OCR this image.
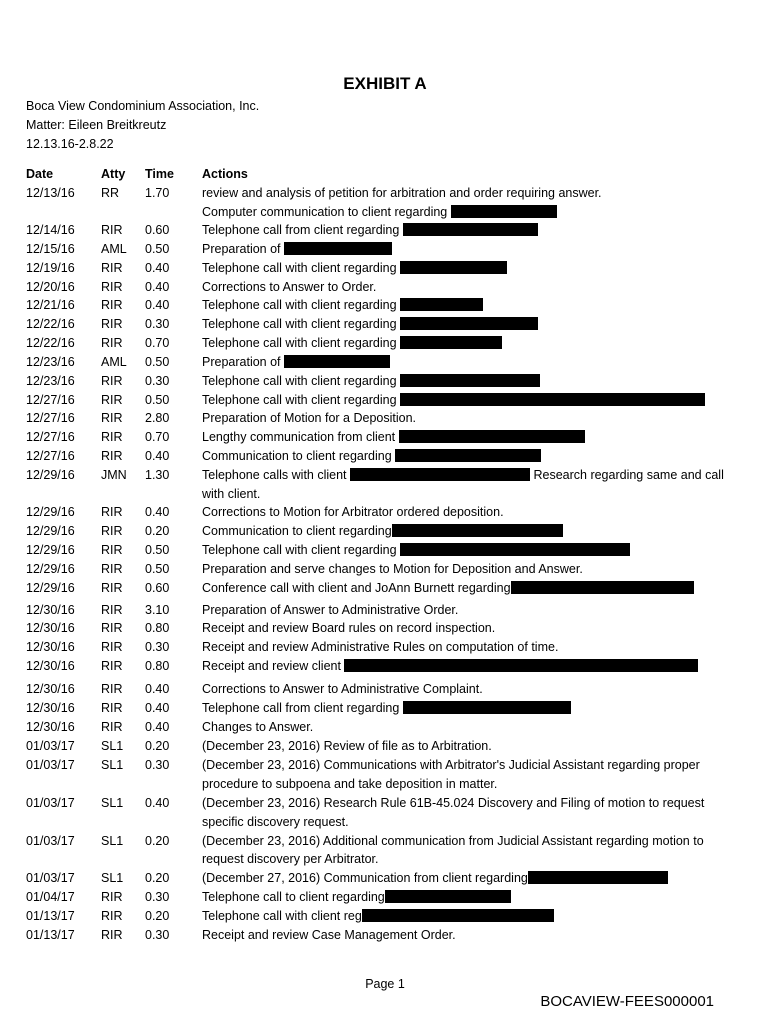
EXHIBIT A
Boca View Condominium Association, Inc.
Matter: Eileen Breitkreutz
12.13.16-2.8.22
Date	Atty Time Actions
12/13/16 RR 1.70	review and analysis of petition for arbitration and order requiring answer.
Computer communication to client regarding
12/14/16 RIR 0.60	Telephone call from client regarding
12/15/16 AML 0.50	Preparation of
12/19/16 RIR 0.40	Telephone call with client regarding
12/20/16 RIR 0.40	Corrections to Answer to Order.
12/21/16 RIR 0.40	Telephone call with client regarding
12/22/16 RIR 0.30	Telephone call with client regarding
12/22/16 RIR 0.70	Telephone call with client regarding
12/23/16 AML 0.50	Preparation of
12/23/16 RIR 0.30	Telephone call with client regarding
12/27/16 RIR 0.50	Telephone call with client regarding
12/27/16 RIR 2.80	Preparation of Motion for a Deposition.
12/27/16 RIR 0.70	Lengthy communication from client
12/27/16 RIR 0.40	Communication to client regarding
12/29/16 JMN 1.30	Telephone calls with client	Research regarding same and call
with client.
12/29/16 RIR 0.40	Corrections to Motion for Arbitrator ordered deposition.
12/29/16 RIR 0.20	Communication to client regarding
12/29/16 RIR 0.50	Telephone call with client regarding
12/29/16 RIR 0.50	Preparation and serve changes to Motion for Deposition and Answer.
12/29/16 RIR 0.60	Conference call with client and JoAnn Burnett regarding
12/30/16 RIR 3.10	Preparation of Answer to Administrative Order.
12/30/16 RIR 0.80	Receipt and review Board rules on record inspection.
12/30/16 RIR 0.30	Receipt and review Administrative Rules on computation of time.
12/30/16 RIR 0.80	Receipt and review client
12/30/16 RIR 0.40	Corrections to Answer to Administrative Complaint.
12/30/16 RIR 0.40	Telephone call from client regarding
12/30/16 RIR 0.40	Changes to Answer.
01/03/17 SL1 0.20	(December 23, 2016) Review of file as to Arbitration.
01/03/17 SL1 0.30	(December 23, 2016) Communications with Arbitrator's Judicial Assistant regarding proper
procedure to subpoena and take deposition in matter.
01/03/17 SL1 0.40	(December 23, 2016) Research Rule 61B-45.024 Discovery and Filing of motion to request
specific discovery request.
01/03/17 SL1 0.20	(December 23, 2016) Additional communication from Judicial Assistant regarding motion to
request discovery per Arbitrator.
01/03/17 SL1 0.20	(December 27, 2016) Communication from client regarding
01/04/17 RIR 0.30	Telephone call to client regarding
01/13/17 RIR 0.20	Telephone call with client reg
01/13/17 RIR 0.30	Receipt and review Case Management Order.
Page 1
BOCAVIEW-FEES000001
